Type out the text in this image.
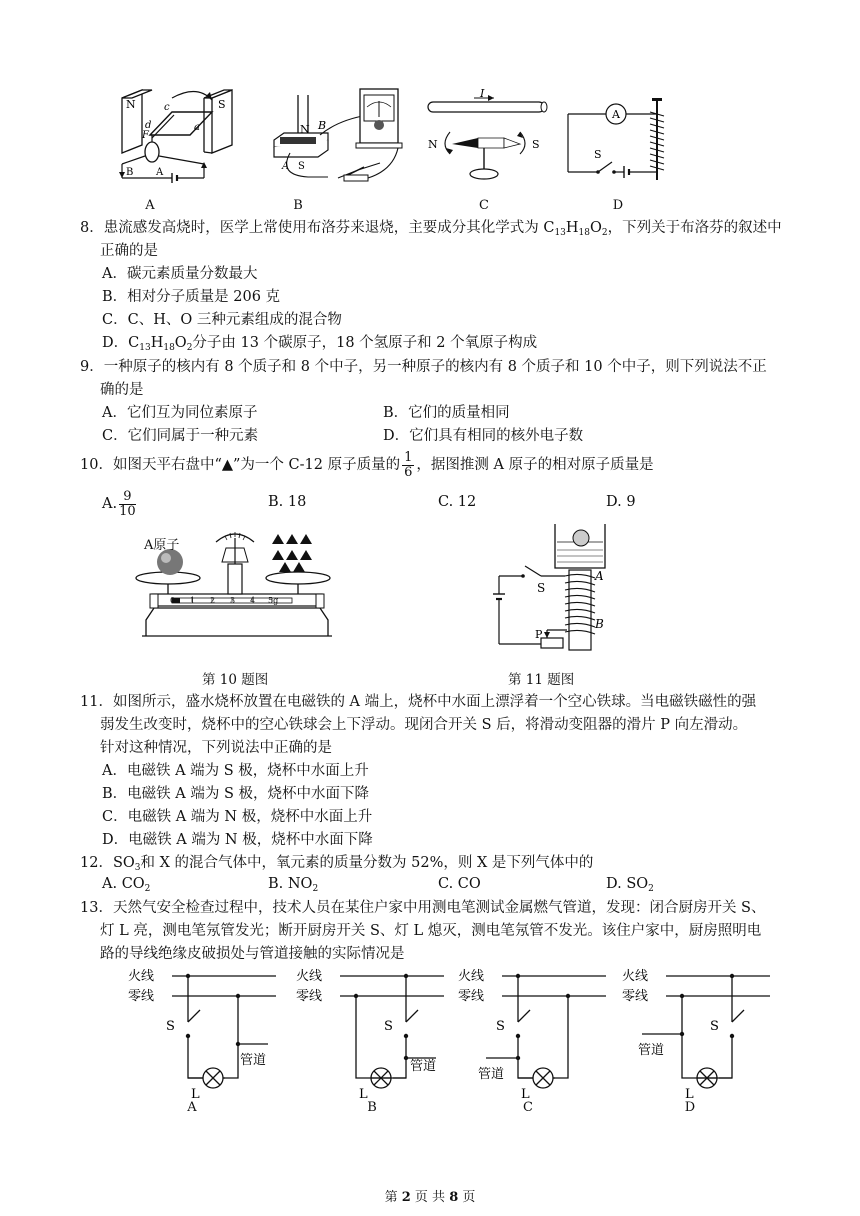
N	S
c
d
F
a
B A
A
N B
A S
B
I
N	S
C
A
S
D
8．患流感发高烧时，医学上常使用布洛芬来退烧，主要成分其化学式为 $C_{13}H_{18}O_2$，下列关于布洛芬的叙述中
正确的是
A．碳元素质量分数最大
B．相对分子质量是 206 克
C．C、H、O 三种元素组成的混合物
D．$C_{13}H_{18}O_2$分子由 13 个碳原子，18 个氢原子和 2 个氧原子构成
9．一种原子的核内有 8 个质子和 8 个中子，另一种原子的核内有 8 个质子和 10 个中子，则下列说法不正
确的是
A．它们互为同位素原子	B．它们的质量相同
C．它们同属于一种元素	D．它们具有相同的核外电子数
10．如图天平右盘中“▲”为一个 C-12 原子质量的 $\frac{1}{6}$ ，据图推测 A 原子的相对原子质量是
A. $\frac{9}{10}$	B. 18	C. 12	D. 9
A原子
0 1 2 3 4 5g
第 10 题图
S
A
B
P
第 11 题图
11．如图所示，盛水烧杯放置在电磁铁的 A 端上，烧杯中水面上漂浮着一个空心铁球。当电磁铁磁性的强
弱发生改变时，烧杯中的空心铁球会上下浮动。现闭合开关 S 后，将滑动变阻器的滑片 P 向左滑动。
针对这种情况，下列说法中正确的是
A．电磁铁 A 端为 S 极，烧杯中水面上升
B．电磁铁 A 端为 S 极，烧杯中水面下降
C．电磁铁 A 端为 N 极，烧杯中水面上升
D．电磁铁 A 端为 N 极，烧杯中水面下降
12．$SO_3$和 X 的混合气体中，氧元素的质量分数为 52%，则 X 是下列气体中的
A. $CO_2$	B. $NO_2$	C. CO	D. $SO_2$
13．天然气安全检查过程中，技术人员在某住户家中用测电笔测试金属燃气管道，发现：闭合厨房开关 S、
灯 L 亮，测电笔氖管发光；断开厨房开关 S、灯 L 熄灭，测电笔氖管不发光。该住户家中，厨房照明电
路的导线绝缘皮破损处与管道接触的实际情况是
火线
零线
S
L
管道
火线
零线
S
L
管道
火线
零线
S
L
管道
火线
零线
S
L
管道
A	B	C	D
第 2 页 共 8 页
